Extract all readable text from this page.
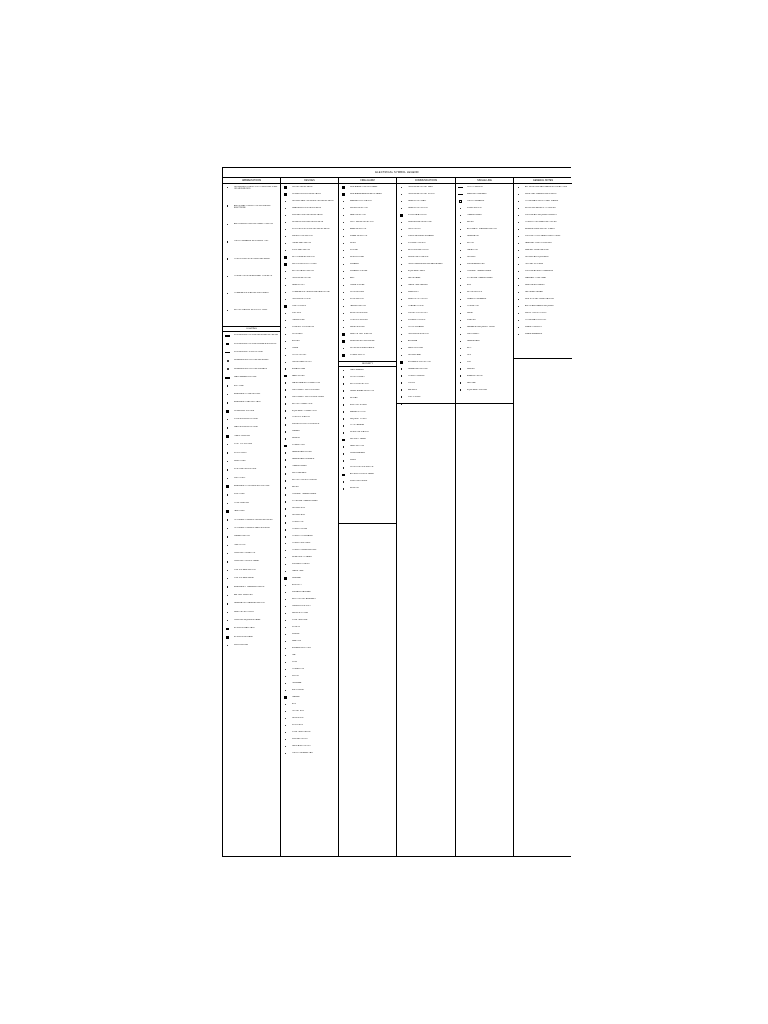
ELECTRICAL SYMBOL LEGEND
ABBREVIATIONS
GROUNDING CONDUCTOR TO BUILDING STEEL OR GROUND ROD
ADDITIONAL CONDUCTOR GROUNDING ELECTRODE
AIR INTERRUPTING DISCONNECT SWITCH
CIRCUIT BREAKER WITH SHUNT TRIP
CONTROLLER WITH OVERLOAD RELAY
CONTACTOR WITH AUXILIARY CONTACTS
COMBINATION STARTER DISCONNECT
MOTOR STARTER WITH PILOT LIGHT
LIGHTING
FLUORESCENT FIXTURE RECESSED IN CEILING
FLUORESCENT FIXTURE SURFACE MOUNTED
FLUORESCENT STRIP FIXTURE
INCANDESCENT FIXTURE RECESSED
INCANDESCENT FIXTURE SURFACE
WALL WASHER FIXTURE
EXIT LIGHT
EMERGENCY LIGHTING UNIT
EMERGENCY BATTERY PACK
DOWNLIGHT FIXTURE
POLE MOUNTED FIXTURE
WALL MOUNTED FIXTURE
TRACK LIGHTING
POST TOP FIXTURE
FLOOD LIGHT
NIGHT LIGHT
SITE LIGHTING FIXTURE
PHOTOCELL
EMERGENCY FLUORESCENT FIXTURE
STEP LIGHT
COVE LIGHTING
TASK LIGHT
OCCUPANCY SENSOR CEILING MOUNTED
OCCUPANCY SENSOR WALL MOUNTED
DIMMER SWITCH
TIME CLOCK
LIGHTING CONTACTOR
LIGHTING CONTROL PANEL
LOW VOLTAGE SWITCH
LOW VOLTAGE RELAY
EMERGENCY TRANSFER DEVICE
BATTERY INVERTER
GENERATOR TRANSFER SWITCH
REMOTE PHOTOCELL
LIGHTING SEQUENCE PANEL
EXTERIOR WALL PACK
EXTERIOR BOLLARD
SIGN LIGHTING
DEVICES
DUPLEX RECEPTACLE
DOUBLE DUPLEX RECEPTACLE
GROUND FAULT INTERRUPTER RECEPTACLE
WEATHERPROOF RECEPTACLE
SPECIAL PURPOSE RECEPTACLE
ISOLATED GROUND RECEPTACLE
FLOOR BOX WITH DUPLEX RECEPTACLE
SINGLE POLE SWITCH
THREE WAY SWITCH
FOUR WAY SWITCH
KEY OPERATED SWITCH
SWITCH WITH PILOT LIGHT
MOTOR RATED SWITCH
TELEPHONE OUTLET
DATA OUTLET
COMBINATION TELEPHONE DATA OUTLET
TELEVISION OUTLET
JUNCTION BOX
PULL BOX
THERMOSTAT
PUSH BUTTON STATION
DOOR BELL
BUZZER
CHIME
CLOCK OUTLET
CEILING FAN OUTLET
EXHAUST FAN
HAND DRYER
WATER HEATER CONNECTION
DISCONNECT SWITCH FUSED
DISCONNECT SWITCH NON FUSED
MOTOR CONNECTION
EQUIPMENT CONNECTION
CONTROL STATION
SURGE PROTECTION DEVICE
DIMMER
SENSOR
POWER POLE
PANELBOARD FLUSH
PANELBOARD SURFACE
TRANSFORMER
SWITCHBOARD
MOTOR CONTROL CENTER
METER
CURRENT TRANSFORMER
POTENTIAL TRANSFORMER
GROUND ROD
GROUND BUS
CONDUIT UP
CONDUIT DOWN
CONDUIT CONCEALED
CONDUIT EXPOSED
CONDUIT UNDERGROUND
HOME RUN TO PANEL
FLEXIBLE CONDUIT
CABLE TRAY
WIREWAY
BUS DUCT
SURFACE RACEWAY
MULTI OUTLET ASSEMBLY
UNDERFLOOR DUCT
SERVICE FITTING
POKE THROUGH
STUB UP
SLEEVE
SEAL OFF
EXPANSION FITTING
CAP
PLUG
CONNECTOR
SPLICE
TERMINAL
ENCLOSURE
CABINET
BOX
OUTLET BOX
DEVICE BOX
FLOOR BOX
POKE THRU DEVICE
SPECIAL OUTLET
DEDICATED OUTLET
CIRCUIT NUMBER TAG
FIRE ALARM
FIRE ALARM CONTROL PANEL
FIRE ALARM ANNUNCIATOR PANEL
MANUAL PULL STATION
SMOKE DETECTOR
HEAT DETECTOR
DUCT SMOKE DETECTOR
BEAM DETECTOR
FLAME DETECTOR
HORN
STROBE
HORN STROBE
SPEAKER
SPEAKER STROBE
BELL
CHIME STROBE
DOOR HOLDER
FLOW SWITCH
TAMPER SWITCH
MONITOR MODULE
CONTROL MODULE
RELAY MODULE
REMOTE TEST STATION
FIREFIGHTER TELEPHONE
NOTIFICATION APPLIANCE
POWER SUPPLY
SECURITY
CARD READER
DOOR CONTACT
MOTION DETECTOR
GLASS BREAK DETECTOR
KEYPAD
ELECTRIC STRIKE
MAGNETIC LOCK
REQUEST TO EXIT
CCTV CAMERA
INTERCOM STATION
SECURITY PANEL
PANIC BUTTON
DURESS ALARM
SIREN
DOOR POSITION SWITCH
ACCESS CONTROL PANEL
VIDEO RECORDER
MONITOR
COMMUNICATIONS
TELEPHONE OUTLET WALL
TELEPHONE OUTLET FLOOR
DATA OUTLET WALL
DATA OUTLET FLOOR
VOICE DATA OUTLET
WIRELESS ACCESS POINT
CATV OUTLET
PUBLIC ADDRESS SPEAKER
VOLUME CONTROL
MICROPHONE OUTLET
NURSE CALL STATION
TELECOMMUNICATIONS BACKBOARD
EQUIPMENT RACK
PATCH PANEL
CABLE TRAY LADDER
INNERDUCT
FIBER OPTIC OUTLET
COAXIAL OUTLET
PROJECTOR OUTLET
SCREEN CONTROL
CLOCK SPEAKER
TELEVISION MONITOR
ANTENNA
SATELLITE DISH
GROUND BAR
ENTRANCE PROTECTOR
DEMARCATION POINT
CONDUIT SLEEVE
J HOOK
BACKBOX
PULL STRING
LABEL
SINGLE LINE
UTILITY SERVICE
MAIN SWITCHBOARD
CIRCUIT BREAKER
FUSED SWITCH
TRANSFORMER
METER
AUTOMATIC TRANSFER SWITCH
GENERATOR
MOTOR
CAPACITOR
GROUND
SURGE ARRESTER
CURRENT TRANSFORMER
POTENTIAL TRANSFORMER
BUS
KEY INTERLOCK
DRAWOUT BREAKER
CONTACTOR
RELAY
STARTER
VARIABLE FREQUENCY DRIVE
DISCONNECT
PANELBOARD
MCC
UPS
PDU
FEEDER
BRANCH CIRCUIT
NEUTRAL
EQUIPMENT GROUND
GENERAL NOTES
ALL WORK PER NATIONAL ELECTRICAL CODE
VERIFY ALL DIMENSIONS IN FIELD
COORDINATE WITH OTHER TRADES
MOUNTING HEIGHTS TO CENTER
PROVIDE ALL REQUIRED PERMITS
CONDUCTORS SHALL BE COPPER
MINIMUM WIRE SIZE NO 12 AWG
PROVIDE TYPED PANEL DIRECTORIES
LABEL ALL JUNCTION BOXES
SEAL ALL PENETRATIONS
GROUND ALL EQUIPMENT
TEST ALL SYSTEMS
PROVIDE AS BUILT DRAWINGS
WARRANTY ONE YEAR
REMOVE ALL DEBRIS
PATCH AND REPAIR
FIRE STOP ALL PENETRATIONS
ARC FLASH LABELS REQUIRED
SHORT CIRCUIT STUDY
COORDINATION STUDY
SPARE CONDUITS
SPARE BREAKERS
